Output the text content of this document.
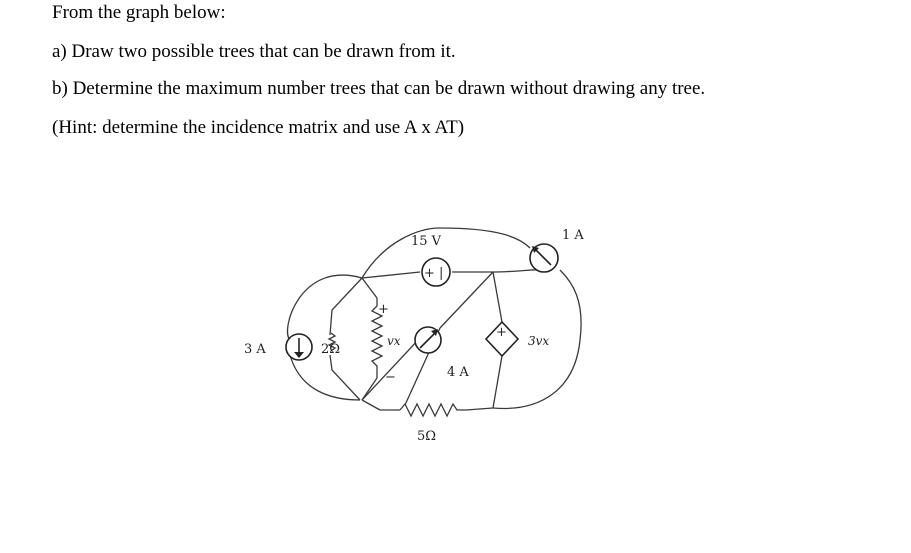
From the graph below:
a) Draw two possible trees that can be drawn from it.
b) Determine the maximum number trees that can be drawn without drawing any tree.
(Hint: determine the incidence matrix and use A x AT)
3 A	2Ω
+
vx
−
+ |
15 V
4 A
5Ω
+
3vx
1 A
